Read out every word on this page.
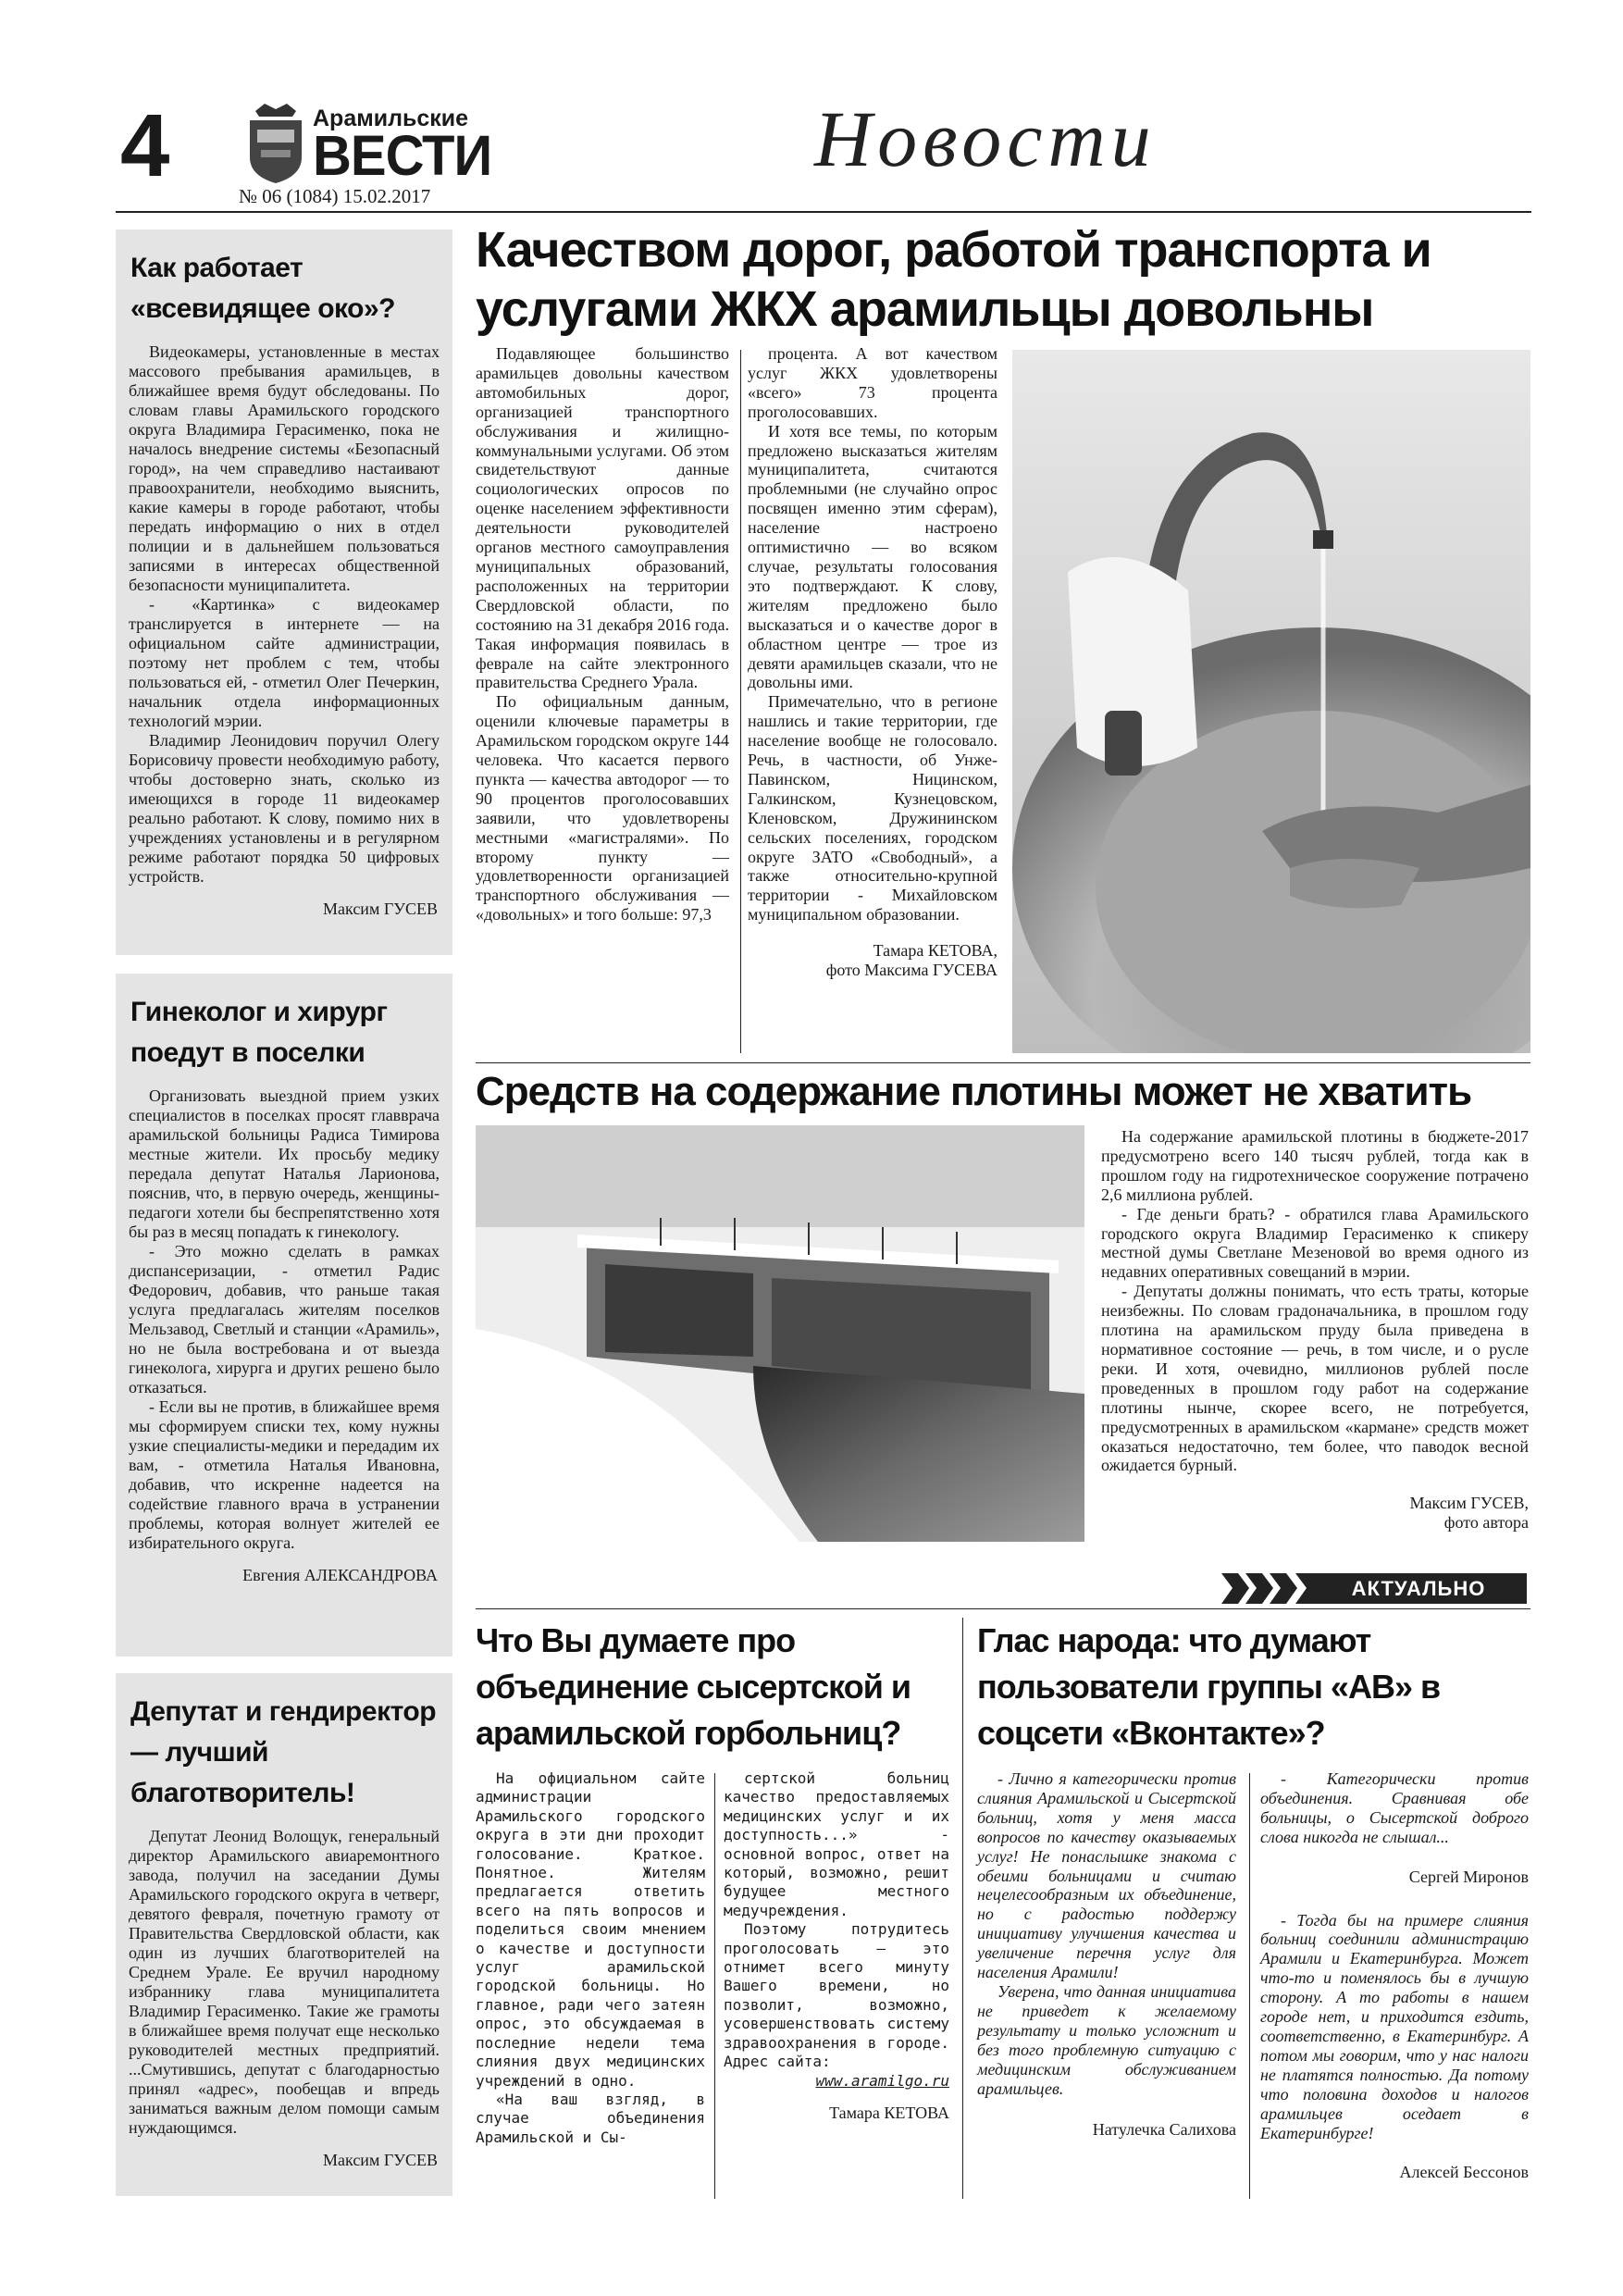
4	Арамильские
ВЕСТИ
№ 06 (1084) 15.02.2017
Новости
Как работает «всевидящее око»?

Видеокамеры, установленные в местах массового пребывания арамильцев, в ближайшее время будут обследованы. По словам главы Арамильского городского округа Владимира Герасименко, пока не началось внедрение системы «Безопасный город», на чем справедливо настаивают правоохранители, необходимо выяснить, какие камеры в городе работают, чтобы передать информацию о них в отдел полиции и в дальнейшем пользоваться записями в интересах общественной безопасности муниципалитета.

- «Картинка» с видеокамер транслируется в интернете — на официальном сайте администрации, поэтому нет проблем с тем, чтобы пользоваться ей, - отметил Олег Печеркин, начальник отдела информационных технологий мэрии.

Владимир Леонидович поручил Олегу Борисовичу провести необходимую работу, чтобы достоверно знать, сколько из имеющихся в городе 11 видеокамер реально работают. К слову, помимо них в учреждениях установлены и в регулярном режиме работают порядка 50 цифровых устройств.

Максим ГУСЕВ
Гинеколог и хирург поедут в поселки

Организовать выездной прием узких специалистов в поселках просят главврача арамильской больницы Радиса Тимирова местные жители. Их просьбу медику передала депутат Наталья Ларионова, пояснив, что, в первую очередь, женщины-педагоги хотели бы беспрепятственно хотя бы раз в месяц попадать к гинекологу.

- Это можно сделать в рамках диспансеризации, - отметил Радис Федорович, добавив, что раньше такая услуга предлагалась жителям поселков Мельзавод, Светлый и станции «Арамиль», но не была востребована и от выезда гинеколога, хирурга и других решено было отказаться.

- Если вы не против, в ближайшее время мы сформируем списки тех, кому нужны узкие специалисты-медики и передадим их вам, - отметила Наталья Ивановна, добавив, что искренне надеется на содействие главного врача в устранении проблемы, которая волнует жителей ее избирательного округа.

Евгения АЛЕКСАНДРОВА
Депутат и гендиректор — лучший благотворитель!

Депутат Леонид Волощук, генеральный директор Арамильского авиаремонтного завода, получил на заседании Думы Арамильского городского округа в четверг, девятого февраля, почетную грамоту от Правительства Свердловской области, как один из лучших благотворителей на Среднем Урале. Ее вручил народному избраннику глава муниципалитета Владимир Герасименко. Такие же грамоты в ближайшее время получат еще несколько руководителей местных предприятий. ...Смутившись, депутат с благодарностью принял «адрес», пообещав и впредь заниматься важным делом помощи самым нуждающимся.

Максим ГУСЕВ
Качеством дорог, работой транспорта и услугами ЖКХ арамильцы довольны

Подавляющее большинство арамильцев довольны качеством автомобильных дорог, организацией транспортного обслуживания и жилищно-коммунальными услугами. Об этом свидетельствуют данные социологических опросов по оценке населением эффективности деятельности руководителей органов местного самоуправления муниципальных образований, расположенных на территории Свердловской области, по состоянию на 31 декабря 2016 года. Такая информация появилась в феврале на сайте электронного правительства Среднего Урала.

По официальным данным, оценили ключевые параметры в Арамильском городском округе 144 человека. Что касается первого пункта — качества автодорог — то 90 процентов проголосовавших заявили, что удовлетворены местными «магистралями». По второму пункту — удовлетворенности организацией транспортного обслуживания — «довольных» и того больше: 97,3

процента. А вот качеством услуг ЖКХ удовлетворены «всего» 73 процента проголосовавших.

И хотя все темы, по которым предложено высказаться жителям муниципалитета, считаются проблемными (не случайно опрос посвящен именно этим сферам), население настроено оптимистично — во всяком случае, результаты голосования это подтверждают. К слову, жителям предложено было высказаться и о качестве дорог в областном центре — трое из девяти арамильцев сказали, что не довольны ими.

Примечательно, что в регионе нашлись и такие территории, где население вообще не голосовало. Речь, в частности, об Унже-Павинском, Ницинском, Галкинском, Кузнецовском, Кленовском, Дружининском сельских поселениях, городском округе ЗАТО «Свободный», а также относительно-крупной территории - Михайловском муниципальном образовании.

Тамара КЕТОВА,
фото Максима ГУСЕВА
Средств на содержание плотины может не хватить

На содержание арамильской плотины в бюджете-2017 предусмотрено всего 140 тысяч рублей, тогда как в прошлом году на гидротехническое сооружение потрачено 2,6 миллиона рублей.

- Где деньги брать? - обратился глава Арамильского городского округа Владимир Герасименко к спикеру местной думы Светлане Мезеновой во время одного из недавних оперативных совещаний в мэрии.

- Депутаты должны понимать, что есть траты, которые неизбежны. По словам градоначальника, в прошлом году плотина на арамильском пруду была приведена в нормативное состояние — речь, в том числе, и о русле реки. И хотя, очевидно, миллионов рублей после проведенных в прошлом году работ на содержание плотины нынче, скорее всего, не потребуется, предусмотренных в арамильском «кармане» средств может оказаться недостаточно, тем более, что паводок весной ожидается бурный.

Максим ГУСЕВ,
фото автора
АКТУАЛЬНО
Что Вы думаете про объединение сысертской и арамильской горбольниц?

На официальном сайте администрации Арамильского городского округа в эти дни проходит голосование. Краткое. Понятное. Жителям предлагается ответить всего на пять вопросов и поделиться своим мнением о качестве и доступности услуг арамильской городской больницы. Но главное, ради чего затеян опрос, это обсуждаемая в последние недели тема слияния двух медицинских учреждений в одно.

«На ваш взгляд, в случае объединения Арамильской и Сы-

сертской больниц качество предоставляемых медицинских услуг и их доступность...» - основной вопрос, ответ на который, возможно, решит будущее местного медучреждения.

Поэтому потрудитесь проголосовать – это отнимет всего минуту Вашего времени, но позволит, возможно, усовершенствовать систему здравоохранения в городе. Адрес сайта:

www.aramilgo.ru
Тамара КЕТОВА
Глас народа: что думают пользователи группы «АВ» в соцсети «Вконтакте»?

- Лично я категорически против слияния Арамильской и Сысертской больниц, хотя у меня масса вопросов по качеству оказываемых услуг! Не понаслышке знакома с обеими больницами и считаю нецелесообразным их объединение, но с радостью поддержу инициативу улучшения качества и увеличение перечня услуг для населения Арамили!

Уверена, что данная инициатива не приведет к желаемому результату и только усложнит и без того проблемную ситуацию с медицинским обслуживанием арамильцев.

Натулечка Салихова

- Категорически против объединения. Сравнивая обе больницы, о Сысертской доброго слова никогда не слышал...

Сергей Миронов

- Тогда бы на примере слияния больниц соединили администрацию Арамили и Екатеринбурга. Может что-то и поменялось бы в лучшую сторону. А то работы в нашем городе нет, и приходится ездить, соответственно, в Екатеринбург. А потом мы говорим, что у нас налоги не платятся полностью. Да потому что половина доходов и налогов арамильцев оседает в Екатеринбурге!

Алексей Бессонов
